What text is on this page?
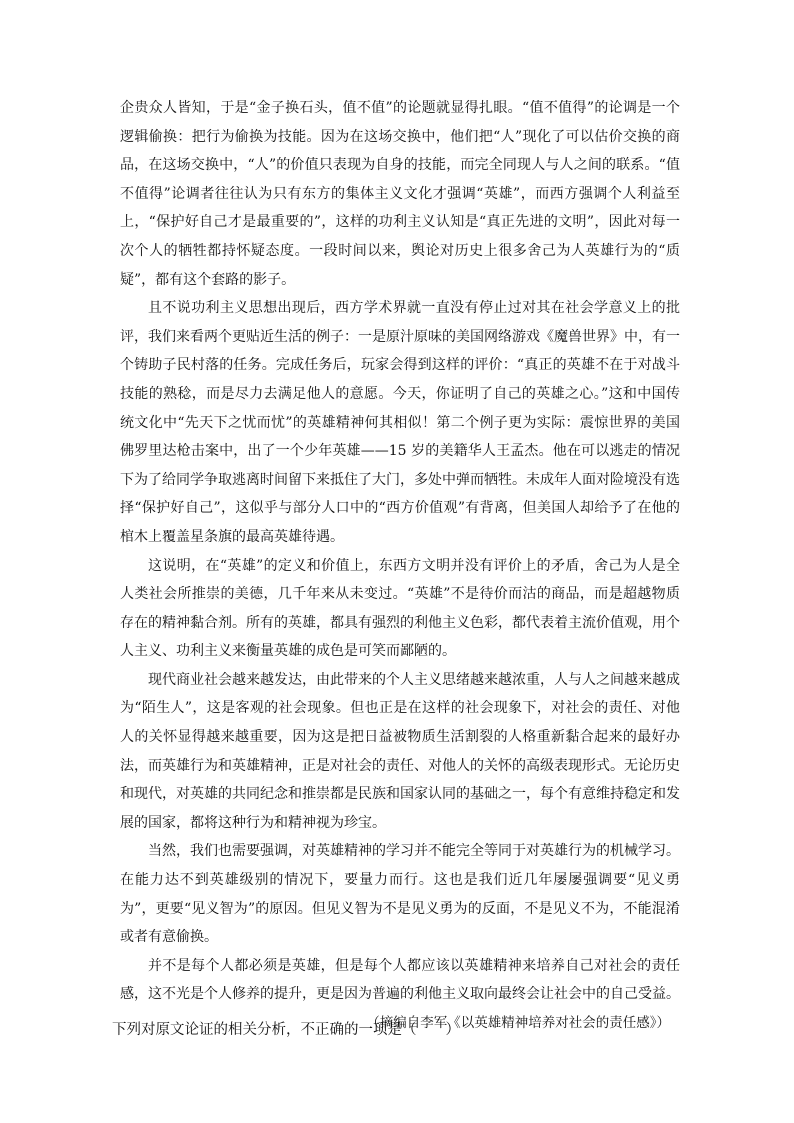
企贵众人皆知，于是“金子换石头，值不值”的论题就显得扎眼。“值不值得”的论调是一个逻辑偷换：把行为偷换为技能。因为在这场交换中，他们把“人”现化了可以估价交换的商品，在这场交换中，“人”的价值只表现为自身的技能，而完全同现人与人之间的联系。“值不值得”论调者往往认为只有东方的集体主义文化才强调“英雄”，而西方强调个人利益至上，“保护好自己才是最重要的”，这样的功利主义认知是“真正先进的文明”，因此对每一次个人的牺牲都持怀疑态度。一段时间以来，舆论对历史上很多舍己为人英雄行为的“质疑”，都有这个套路的影子。

且不说功利主义思想出现后，西方学术界就一直没有停止过对其在社会学意义上的批评，我们来看两个更贴近生活的例子：一是原汁原味的美国网络游戏《魔兽世界》中，有一个铸助子民村落的任务。完成任务后，玩家会得到这样的评价：“真正的英雄不在于对战斗技能的熟稔，而是尽力去满足他人的意愿。今天，你证明了自己的英雄之心。”这和中国传统文化中“先天下之忧而忧”的英雄精神何其相似！第二个例子更为实际：震惊世界的美国佛罗里达枪击案中，出了一个少年英雄——15 岁的美籍华人王孟杰。他在可以逃走的情况下为了给同学争取逃离时间留下来抵住了大门，多处中弹而牺牲。未成年人面对险境没有选择“保护好自己”，这似乎与部分人口中的“西方价值观”有背离，但美国人却给予了在他的棺木上覆盖星条旗的最高英雄待遇。

这说明，在“英雄”的定义和价值上，东西方文明并没有评价上的矛盾，舍己为人是全人类社会所推崇的美德，几千年来从未变过。“英雄”不是待价而沽的商品，而是超越物质存在的精神黏合剂。所有的英雄，都具有强烈的利他主义色彩，都代表着主流价值观，用个人主义、功利主义来衡量英雄的成色是可笑而鄙陋的。

现代商业社会越来越发达，由此带来的个人主义思绪越来越浓重，人与人之间越来越成为“陌生人”，这是客观的社会现象。但也正是在这样的社会现象下，对社会的责任、对他人的关怀显得越来越重要，因为这是把日益被物质生活割裂的人格重新黏合起来的最好办法，而英雄行为和英雄精神，正是对社会的责任、对他人的关怀的高级表现形式。无论历史和现代，对英雄的共同纪念和推崇都是民族和国家认同的基础之一，每个有意维持稳定和发展的国家，都将这种行为和精神视为珍宝。

当然，我们也需要强调，对英雄精神的学习并不能完全等同于对英雄行为的机械学习。在能力达不到英雄级别的情况下，要量力而行。这也是我们近几年屡屡强调要“见义勇为”，更要“见义智为”的原因。但见义智为不是见义勇为的反面，不是见义不为，不能混淆或者有意偷换。

并不是每个人都必须是英雄，但是每个人都应该以英雄精神来培养自己对社会的责任感，这不光是个人修养的提升，更是因为普遍的利他主义取向最终会让社会中的自己受益。

（摘编自李军《以英雄精神培养对社会的责任感》）

下列对原文论证的相关分析，不正确的一项是（　　）
